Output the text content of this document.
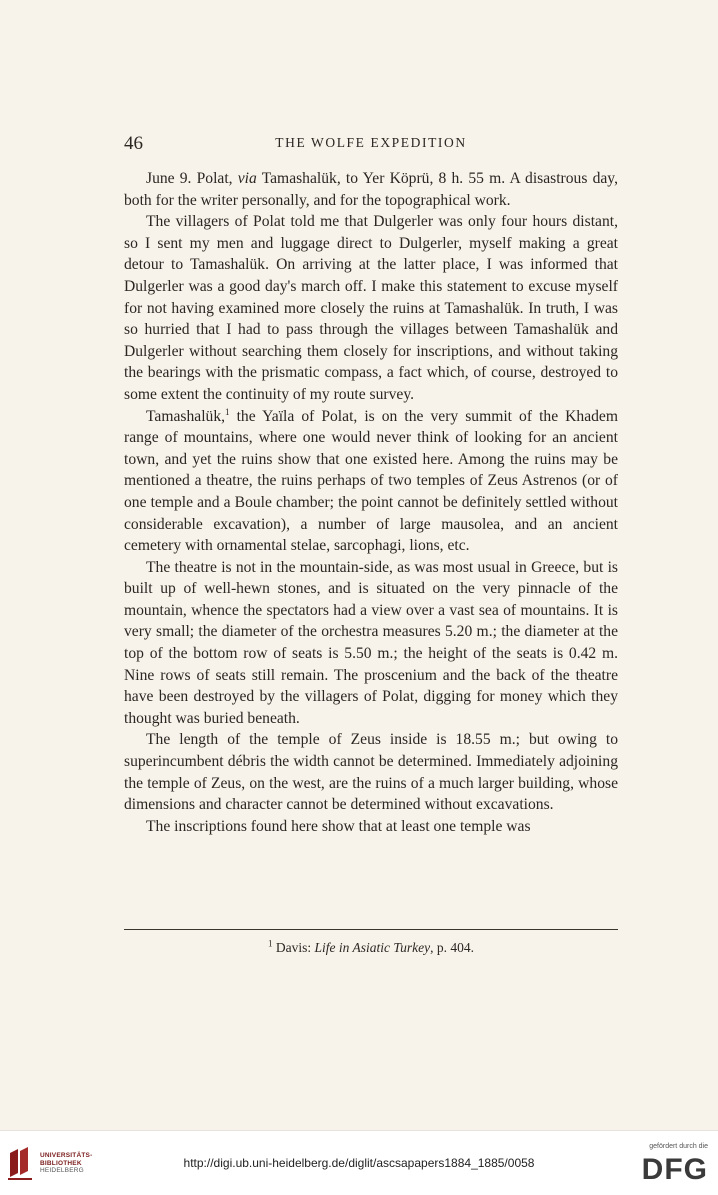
46	THE WOLFE EXPEDITION

June 9. Polat, via Tamashalük, to Yer Köprü, 8 h. 55 m. A disastrous day, both for the writer personally, and for the topographical work.

The villagers of Polat told me that Dulgerler was only four hours distant, so I sent my men and luggage direct to Dulgerler, myself making a great detour to Tamashalük. On arriving at the latter place, I was informed that Dulgerler was a good day's march off. I make this statement to excuse myself for not having examined more closely the ruins at Tamashalük. In truth, I was so hurried that I had to pass through the villages between Tamashalük and Dulgerler without searching them closely for inscriptions, and without taking the bearings with the prismatic compass, a fact which, of course, destroyed to some extent the continuity of my route survey.

Tamashalük,$^1$ the Yaïla of Polat, is on the very summit of the Khadem range of mountains, where one would never think of looking for an ancient town, and yet the ruins show that one existed here. Among the ruins may be mentioned a theatre, the ruins perhaps of two temples of Zeus Astrenos (or of one temple and a Boule chamber; the point cannot be definitely settled without considerable excavation), a number of large mausolea, and an ancient cemetery with ornamental stelae, sarcophagi, lions, etc.

The theatre is not in the mountain-side, as was most usual in Greece, but is built up of well-hewn stones, and is situated on the very pinnacle of the mountain, whence the spectators had a view over a vast sea of mountains. It is very small; the diameter of the orchestra measures 5.20 m.; the diameter at the top of the bottom row of seats is 5.50 m.; the height of the seats is 0.42 m. Nine rows of seats still remain. The proscenium and the back of the theatre have been destroyed by the villagers of Polat, digging for money which they thought was buried beneath.

The length of the temple of Zeus inside is 18.55 m.; but owing to superincumbent débris the width cannot be determined. Immediately adjoining the temple of Zeus, on the west, are the ruins of a much larger building, whose dimensions and character cannot be determined without excavations.

The inscriptions found here show that at least one temple was

$^1$ Davis: Life in Asiatic Turkey, p. 404.
UNIVERSITÄTS-
BIBLIOTHEK
HEIDELBERG
http://digi.ub.uni-heidelberg.de/diglit/ascsapapers1884_1885/0058
gefördert durch die
DFG
